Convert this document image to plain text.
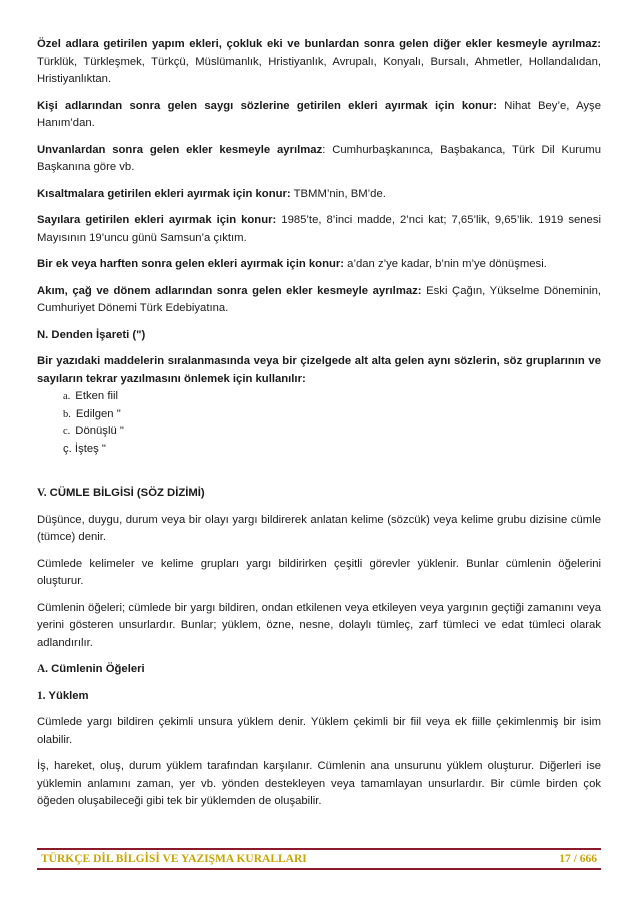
Özel adlara getirilen yapım ekleri, çokluk eki ve bunlardan sonra gelen diğer ekler kesmeyle ayrılmaz: Türklük, Türkleşmek, Türkçü, Müslümanlık, Hristiyanlık, Avrupalı, Konyalı, Bursalı, Ahmetler, Hollandalıdan, Hristiyanlıktan.

Kişi adlarından sonra gelen saygı sözlerine getirilen ekleri ayırmak için konur: Nihat Bey’e, Ayşe Hanım’dan.

Unvanlardan sonra gelen ekler kesmeyle ayrılmaz: Cumhurbaşkanınca, Başbakanca, Türk Dil Kurumu Başkanına göre vb.

Kısaltmalara getirilen ekleri ayırmak için konur: TBMM’nin, BM’de.

Sayılara getirilen ekleri ayırmak için konur: 1985’te, 8’inci madde, 2’nci kat; 7,65’lik, 9,65’lik. 1919 senesi Mayısının 19’uncu günü Samsun’a çıktım.

Bir ek veya harften sonra gelen ekleri ayırmak için konur: a’dan z’ye kadar, b’nin m’ye dönüşmesi.

Akım, çağ ve dönem adlarından sonra gelen ekler kesmeyle ayrılmaz: Eski Çağın, Yükselme Döneminin, Cumhuriyet Dönemi Türk Edebiyatına.

N. Denden İşareti (")

Bir yazıdaki maddelerin sıralanmasında veya bir çizelgede alt alta gelen aynı sözlerin, söz gruplarının ve sayıların tekrar yazılmasını önlemek için kullanılır:

a. Etken fiil
b. Edilgen "
c. Dönüşlü "
ç. İşteş "
V. CÜMLE BİLGİSİ (SÖZ DİZİMİ)

Düşünce, duygu, durum veya bir olayı yargı bildirerek anlatan kelime (sözcük) veya kelime grubu dizisine cümle (tümce) denir.

Cümlede kelimeler ve kelime grupları yargı bildirirken çeşitli görevler yüklenir. Bunlar cümlenin öğelerini oluşturur.

Cümlenin öğeleri; cümlede bir yargı bildiren, ondan etkilenen veya etkileyen veya yargının geçtiği zamanını veya yerini gösteren unsurlardır. Bunlar; yüklem, özne, nesne, dolaylı tümleç, zarf tümleci ve edat tümleci olarak adlandırılır.

A. Cümlenin Öğeleri
1. Yüklem

Cümlede yargı bildiren çekimli unsura yüklem denir. Yüklem çekimli bir fiil veya ek fiille çekimlenmiş bir isim olabilir.

İş, hareket, oluş, durum yüklem tarafından karşılanır. Cümlenin ana unsurunu yüklem oluşturur. Diğerleri ise yüklemin anlamını zaman, yer vb. yönden destekleyen veya tamamlayan unsurlardır. Bir cümle birden çok öğeden oluşabileceği gibi tek bir yüklemden de oluşabilir.

TÜRKÇE DİL BİLGİSİ VE YAZIŞMA KURALLARI	17 / 666
